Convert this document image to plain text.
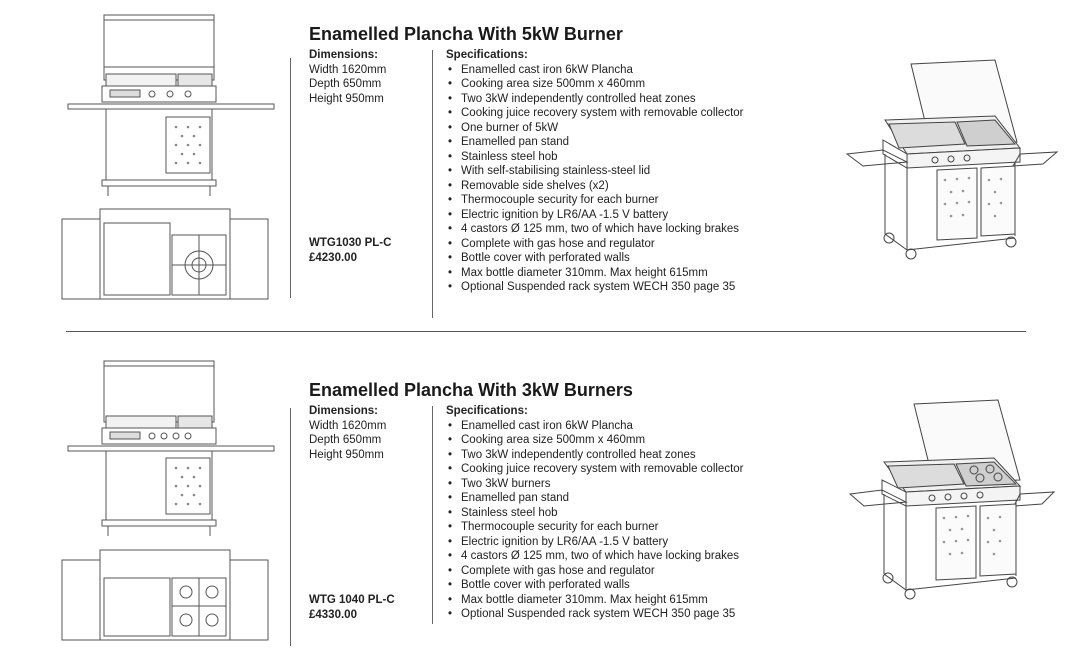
Enamelled Plancha With 5kW Burner
Dimensions:
Width 1620mm
Depth 650mm
Height 950mm
WTG1030 PL-C
£4230.00
Specifications:
• Enamelled cast iron 6kW Plancha
• Cooking area size 500mm x 460mm
• Two 3kW independently controlled heat zones
• Cooking juice recovery system with removable collector
• One burner of 5kW
• Enamelled pan stand
• Stainless steel hob
• With self-stabilising stainless-steel lid
• Removable side shelves (x2)
• Thermocouple security for each burner
• Electric ignition by LR6/AA -1.5 V battery
• 4 castors Ø 125 mm, two of which have locking brakes
• Complete with gas hose and regulator
• Bottle cover with perforated walls
• Max bottle diameter 310mm. Max height 615mm
• Optional Suspended rack system WECH 350 page 35
Enamelled Plancha With 3kW Burners
Dimensions:
Width 1620mm
Depth 650mm
Height 950mm
WTG 1040 PL-C
£4330.00
Specifications:
• Enamelled cast iron 6kW Plancha
• Cooking area size 500mm x 460mm
• Two 3kW independently controlled heat zones
• Cooking juice recovery system with removable collector
• Two 3kW burners
• Enamelled pan stand
• Stainless steel hob
• Thermocouple security for each burner
• Electric ignition by LR6/AA -1.5 V battery
• 4 castors Ø 125 mm, two of which have locking brakes
• Complete with gas hose and regulator
• Bottle cover with perforated walls
• Max bottle diameter 310mm. Max height 615mm
• Optional Suspended rack system WECH 350 page 35
